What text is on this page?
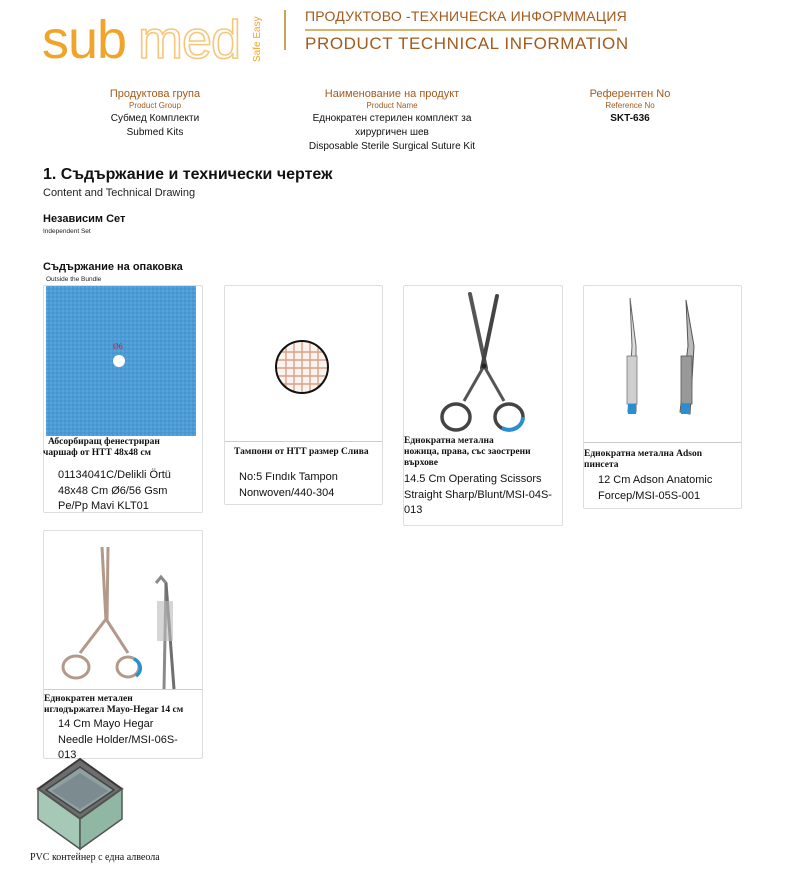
sub med Safe Easy
ПРОДУКТОВО -ТЕХНИЧЕСКА ИНФОРММАЦИЯ
PRODUCT TECHNICAL INFORMATION
Продуктова група
Product Group
Субмед Комплекти
Submed Kits
Наименование на продукт
Product Name
Еднократен стерилен комплект за
хирургичен шев
Disposable Sterile Surgical Suture Kit
Референтен No
Reference No
SKT-636
1. Съдържание и технически чертеж
Content and Technical Drawing
Независим Сет
Independent Set
Съдържание на опаковка
Outside the Bundle
Ø6
Абсорбиращ фенестриран
чаршаф от НТТ 48x48 см
01134041C/Delikli Örtü
48x48 Cm Ø6/56 Gsm
Pe/Pp Mavi KLT01
Тампони от НТТ размер Слива
No:5 Fındık Tampon
Nonwoven/440-304
Еднократна метална
ножица, права, със заострени
върхове
14.5 Cm Operating Scissors
Straight Sharp/Blunt/MSI-04S-
013
Еднократна метална Adson
пинсета
12 Cm Adson Anatomic
Forcep/MSI-05S-001
Еднократен метален
иглодържател Mayo-Hegar 14 см
14 Cm Mayo Hegar
Needle Holder/MSI-06S-
013
PVC контейнер с една алвеола
